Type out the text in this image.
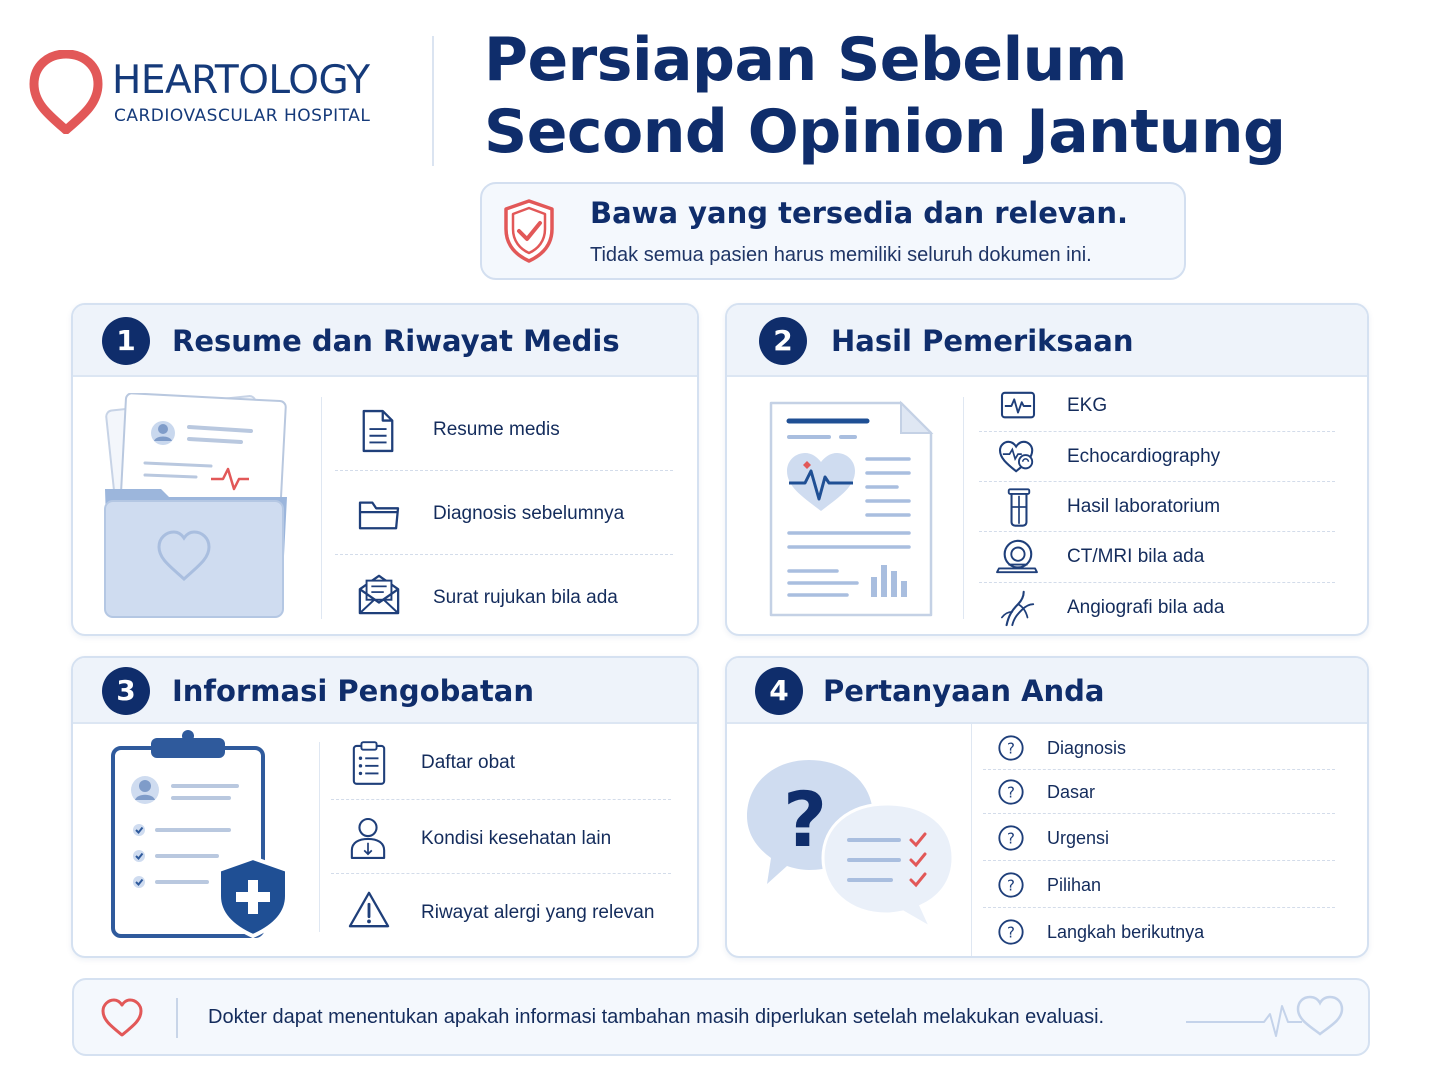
HEARTOLOGY
CARDIOVASCULAR HOSPITAL
Persiapan Sebelum
Second Opinion Jantung
Bawa yang tersedia dan relevan.
Tidak semua pasien harus memiliki seluruh dokumen ini.
1	Resume dan Riwayat Medis
Resume medis
Diagnosis sebelumnya
Surat rujukan bila ada
2	Hasil Pemeriksaan
EKG
Echocardiography
Hasil laboratorium
CT/MRI bila ada
Angiografi bila ada
3	Informasi Pengobatan
Daftar obat
Kondisi kesehatan lain
Riwayat alergi yang relevan
4	Pertanyaan Anda
?
? Diagnosis
? Dasar
? Urgensi
? Pilihan
? Langkah berikutnya
Dokter dapat menentukan apakah informasi tambahan masih diperlukan setelah melakukan evaluasi.
